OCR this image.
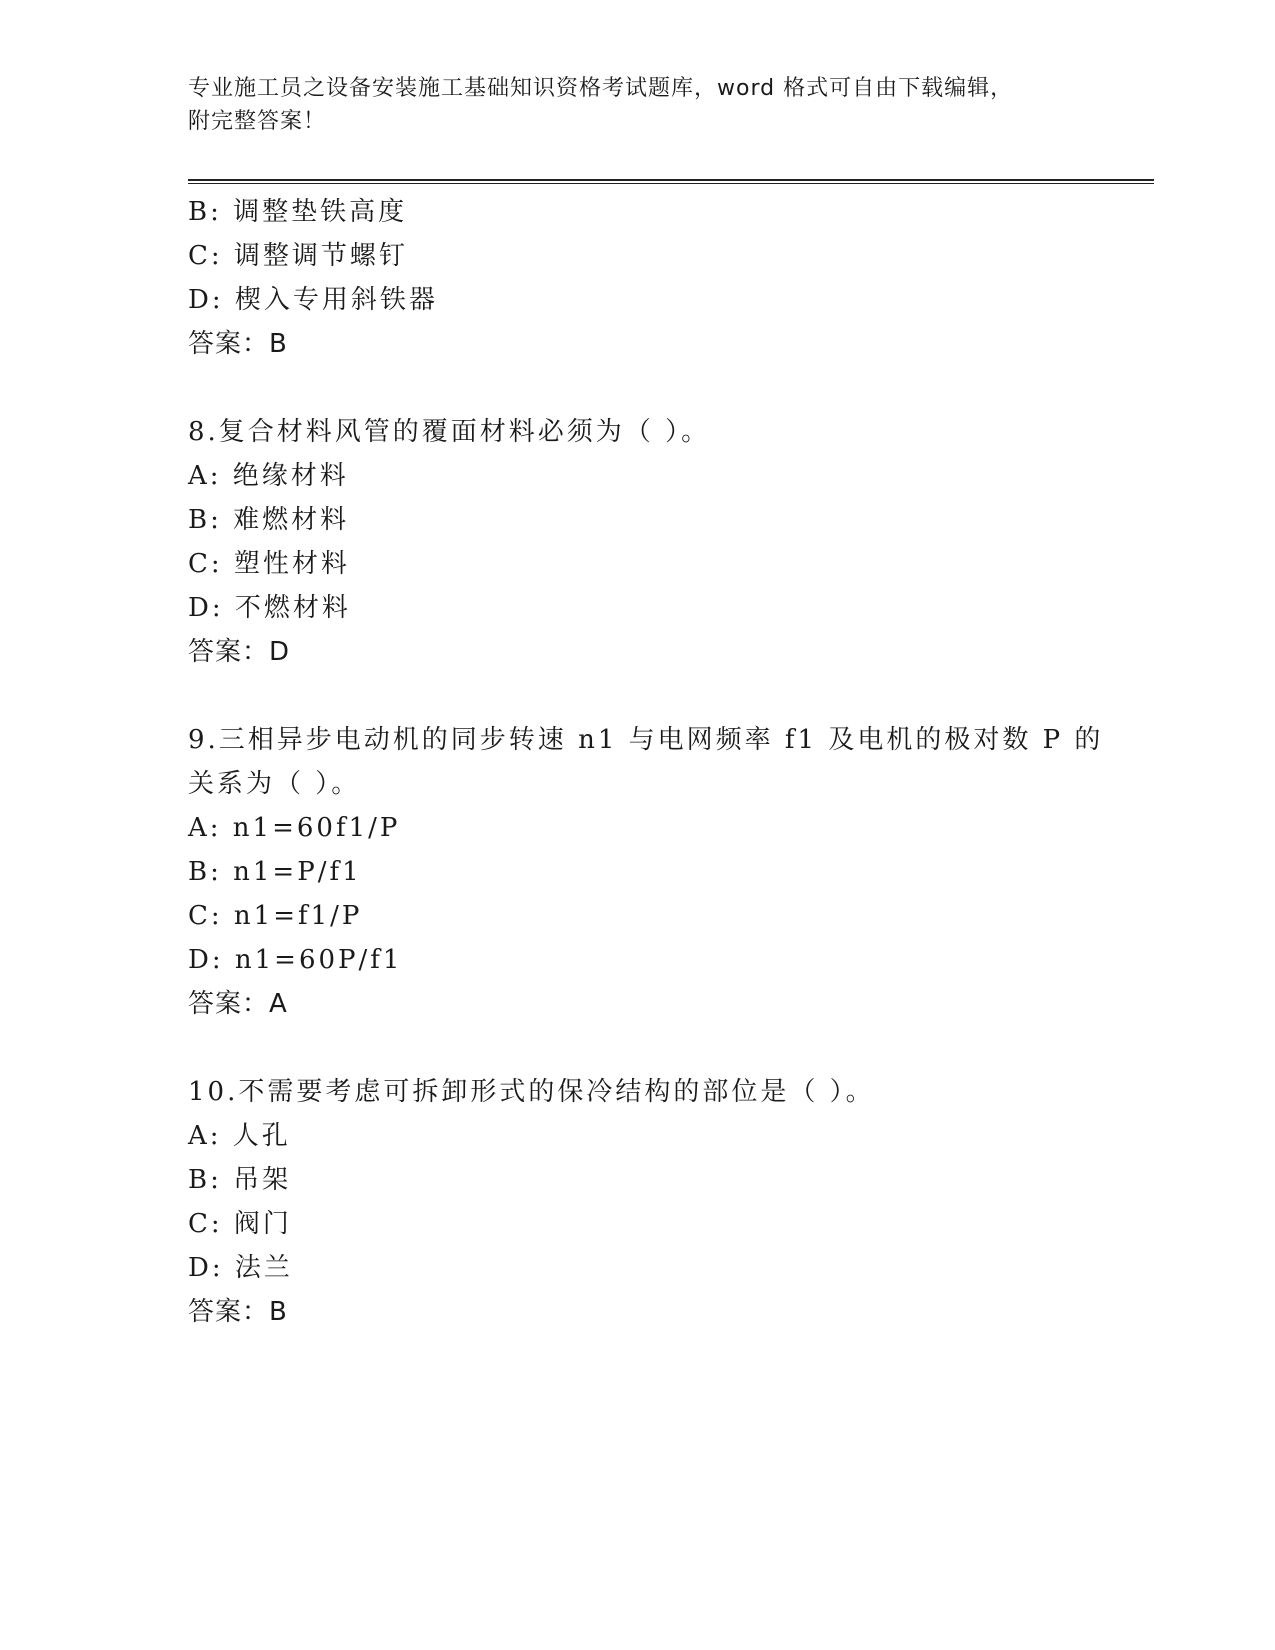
专业施工员之设备安装施工基础知识资格考试题库，word 格式可自由下载编辑，
附完整答案！
B: 调整垫铁高度
C: 调整调节螺钉
D: 楔入专用斜铁器
答案：B
8.复合材料风管的覆面材料必须为（ ）。
A: 绝缘材料
B: 难燃材料
C: 塑性材料
D: 不燃材料
答案：D
9.三相异步电动机的同步转速 n1 与电网频率 f1 及电机的极对数 P 的
关系为（ ）。
A: n1=60f1/P
B: n1=P/f1
C: n1=f1/P
D: n1=60P/f1
答案：A
10.不需要考虑可拆卸形式的保冷结构的部位是（ ）。
A: 人孔
B: 吊架
C: 阀门
D: 法兰
答案：B
